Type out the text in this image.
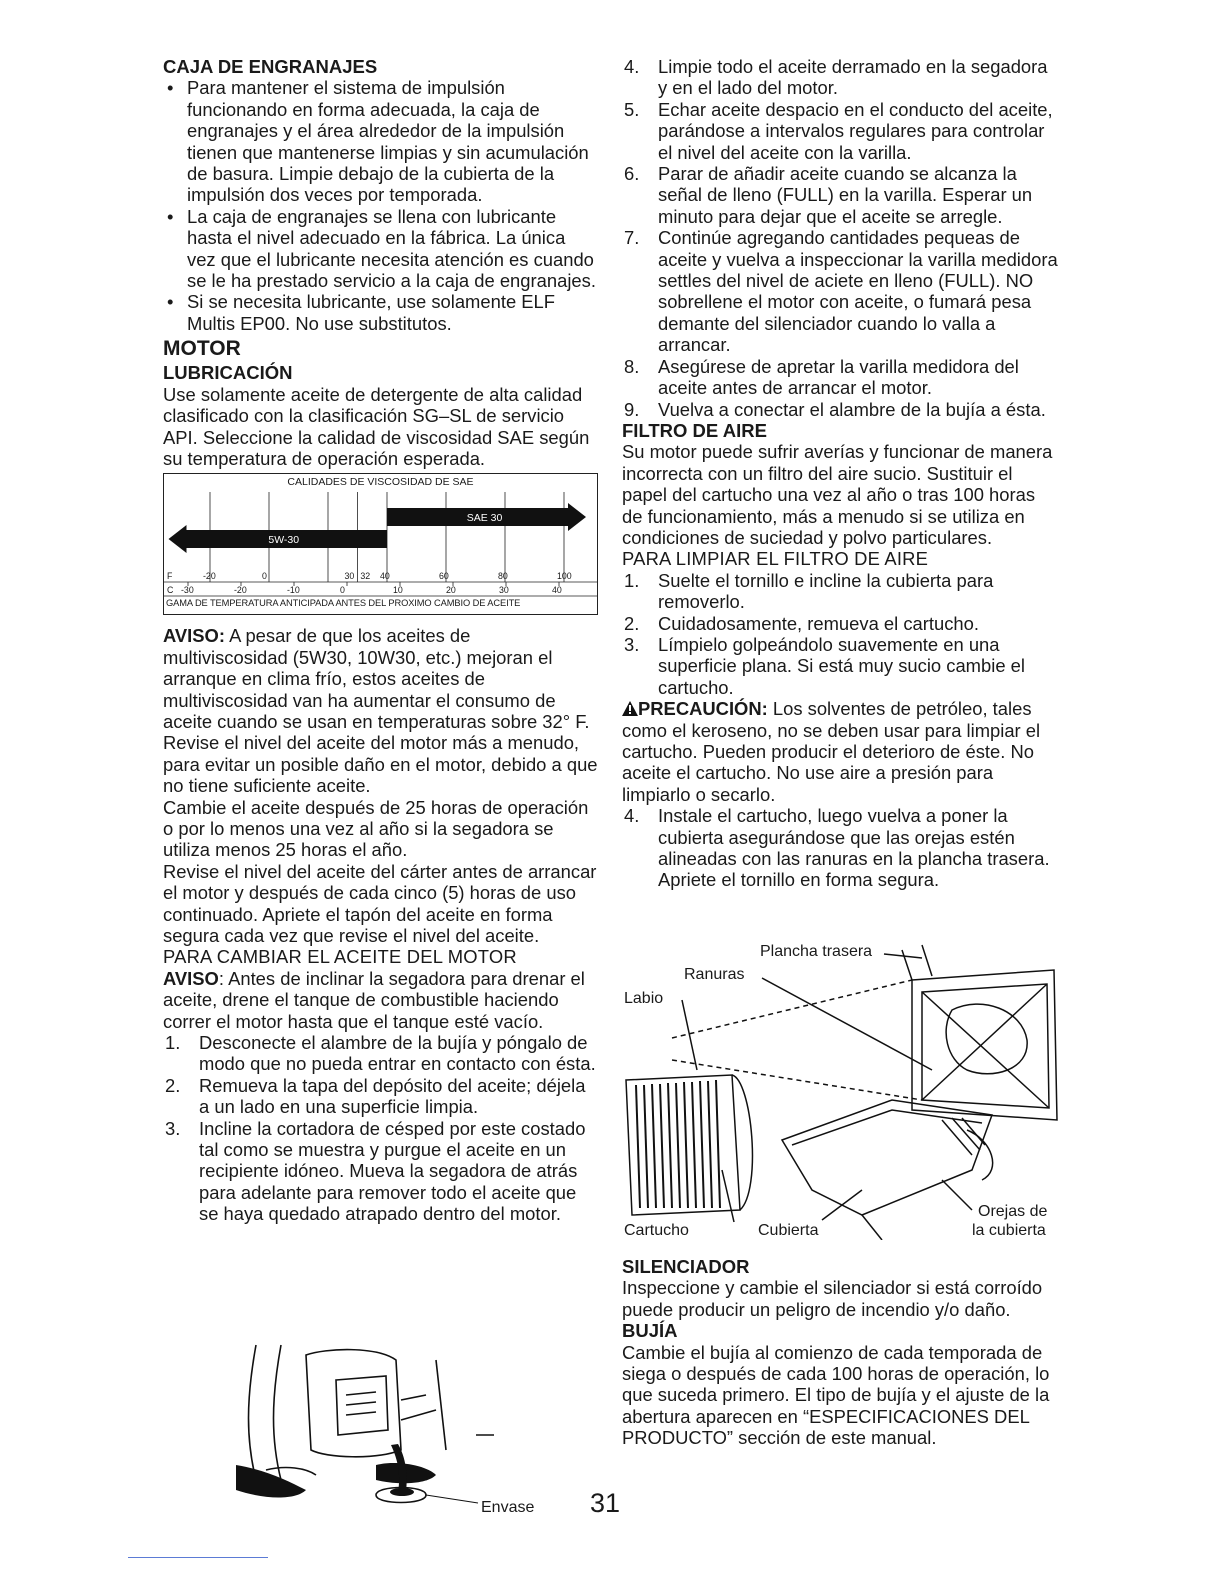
CAJA DE ENGRANAJES

• Para mantener el sistema de impulsión funcionando en forma adecuada, la caja de engranajes y el área alrededor de la impulsión tienen que mantenerse limpias y sin acumulación de basura. Limpie debajo de la cubierta de la impulsión dos veces por temporada.

• La caja de engranajes se llena con lubricante hasta el nivel adecuado en la fábrica. La única vez que el lubricante necesita atención es cuando se le ha prestado servicio a la caja de engranajes.

• Si se necesita lubricante, use solamente ELF Multis EP00. No use substitutos.

MOTOR

LUBRICACIÓN

Use solamente aceite de detergente de alta calidad clasificado con la clasificación SG–SL de servicio API. Seleccione la calidad de viscosidad SAE según su temperatura de operación esperada.

CALIDADES DE VISCOSIDAD DE SAE
5W-30
SAE 30
F
C
-20	0	30 32 40	60	80	100
-30	-20	-10	0	10	20	30	40
GAMA DE TEMPERATURA ANTICIPADA ANTES DEL PROXIMO CAMBIO DE ACEITE

AVISO: A pesar de que los aceites de multiviscosidad (5W30, 10W30, etc.) mejoran el arranque en clima frío, estos aceites de multiviscosidad van ha aumentar el consumo de aceite cuando se usan en temperaturas sobre 32° F. Revise el nivel del aceite del motor más a menudo, para evitar un posible daño en el motor, debido a que no tiene suficiente aceite.

Cambie el aceite después de 25 horas de operación o por lo menos una vez al año si la segadora se utiliza menos 25 horas el año.

Revise el nivel del aceite del cárter antes de arrancar el motor y después de cada cinco (5) horas de uso continuado. Apriete el tapón del aceite en forma segura cada vez que revise el nivel del aceite.

PARA CAMBIAR EL ACEITE DEL MOTOR

AVISO: Antes de inclinar la segadora para drenar el aceite, drene el tanque de combustible haciendo correr el motor hasta que el tanque esté vacío.

1. Desconecte el alambre de la bujía y póngalo de modo que no pueda entrar en contacto con ésta.

2. Remueva la tapa del depósito del aceite; déjela a un lado en una superficie limpia.

3. Incline la cortadora de césped por este costado tal como se muestra y purgue el aceite en un recipiente idóneo. Mueva la segadora de atrás para adelante para remover todo el aceite que se haya quedado atrapado dentro del motor.

Envase

4. Limpie todo el aceite derramado en la segadora y en el lado del motor.

5. Echar aceite despacio en el conducto del aceite, parándose a intervalos regulares para controlar el nivel del aceite con la varilla.

6. Parar de añadir aceite cuando se alcanza la señal de lleno (FULL) en la varilla. Esperar un minuto para dejar que el aceite se arregle.

7. Continúe agregando cantidades pequeas de aceite y vuelva a inspeccionar la varilla medidora settles del nivel de aciete en lleno (FULL). NO sobrellene el motor con aceite, o fumará pesa demante del silenciador cuando lo valla a arrancar.

8. Asegúrese de apretar la varilla medidora del aceite antes de arrancar el motor.

9. Vuelva a conectar el alambre de la bujía a ésta.

FILTRO DE AIRE

Su motor puede sufrir averías y funcionar de manera incorrecta con un filtro del aire sucio. Sustituir el papel del cartucho una vez al año o tras 100 horas de funcionamiento, más a menudo si se utiliza en condiciones de suciedad y polvo particulares.

PARA LIMPIAR EL FILTRO DE AIRE

1. Suelte el tornillo e incline la cubierta para removerlo.

2. Cuidadosamente, remueva el cartucho.

3. Límpielo golpeándolo suavemente en una superficie plana. Si está muy sucio cambie el cartucho.

PRECAUCIÓN: Los solventes de petróleo, tales como el keroseno, no se deben usar para limpiar el cartucho. Pueden producir el deterioro de éste. No aceite el cartucho. No use aire a presión para limpiarlo o secarlo.

4. Instale el cartucho, luego vuelva a poner la cubierta asegurándose que las orejas estén alineadas con las ranuras en la plancha trasera. Apriete el tornillo en forma segura.

Plancha trasera
Ranuras
Labio
Cartucho	Cubierta
Orejas de
la cubierta

SILENCIADOR

Inspeccione y cambie el silenciador si está corroído puede producir un peligro de incendio y/o daño.

BUJÍA

Cambie el bujía al comienzo de cada temporada de siega o después de cada 100 horas de operación, lo que suceda primero. El tipo de bujía y el ajuste de la abertura aparecen en “ESPECIFICACIONES DEL PRODUCTO” sección de este manual.

31
